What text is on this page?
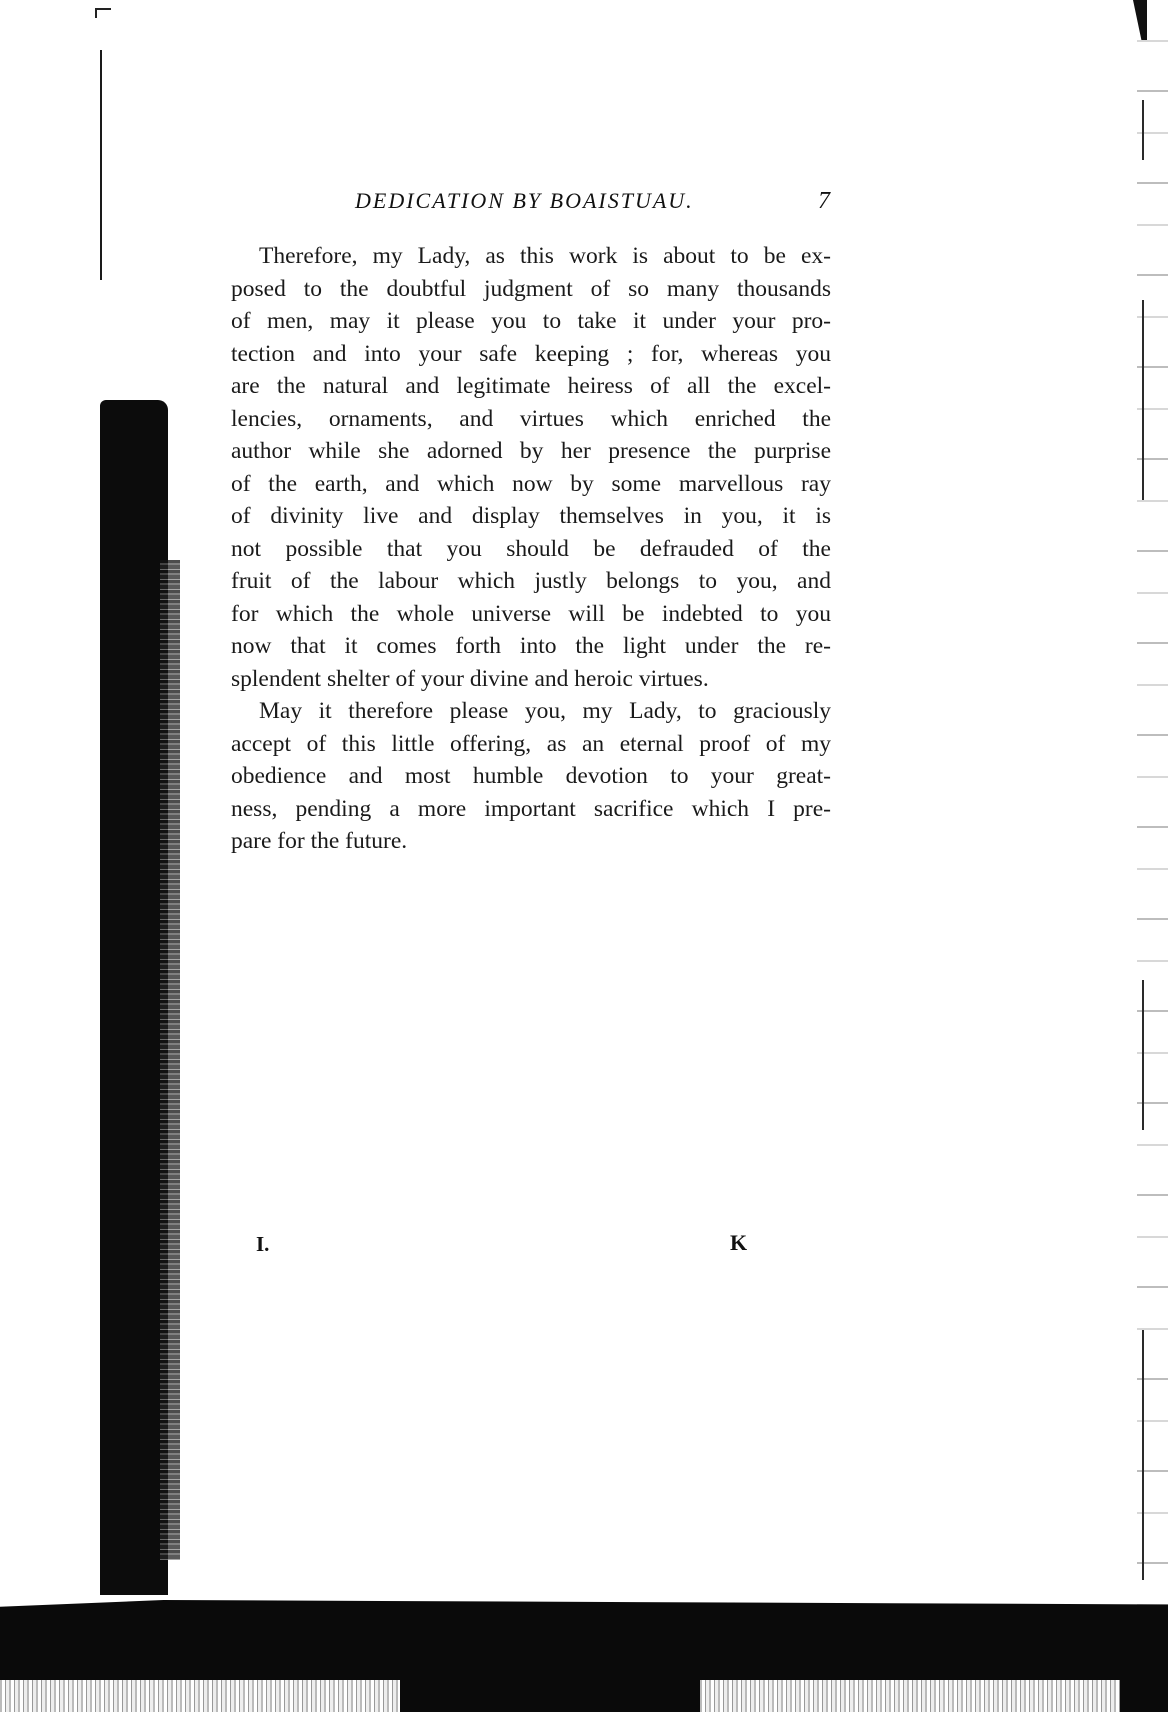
DEDICATION BY BOAISTUAU.	7
Therefore, my Lady, as this work is about to be ex-
posed to the doubtful judgment of so many thousands
of men, may it please you to take it under your pro-
tection and into your safe keeping ; for, whereas you
are the natural and legitimate heiress of all the excel-
lencies, ornaments, and virtues which enriched the
author while she adorned by her presence the purprise
of the earth, and which now by some marvellous ray
of divinity live and display themselves in you, it is
not possible that you should be defrauded of the
fruit of the labour which justly belongs to you, and
for which the whole universe will be indebted to you
now that it comes forth into the light under the re-
splendent shelter of your divine and heroic virtues.
May it therefore please you, my Lady, to graciously
accept of this little offering, as an eternal proof of my
obedience and most humble devotion to your great-
ness, pending a more important sacrifice which I pre-
pare for the future.
I.	K
